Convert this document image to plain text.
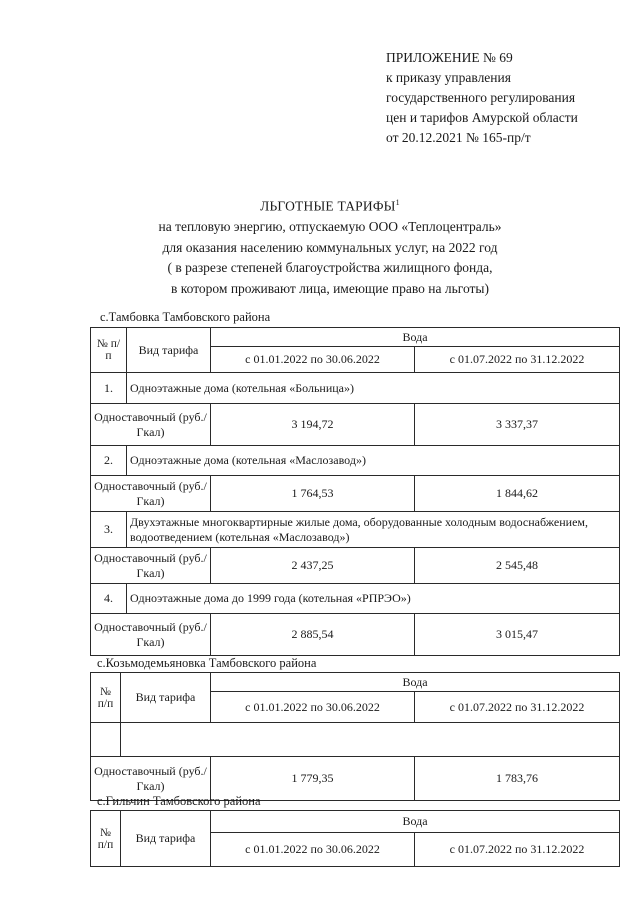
ПРИЛОЖЕНИЕ № 69
к приказу управления
государственного регулирования
цен и тарифов Амурской области
от 20.12.2021 № 165-пр/т
ЛЬГОТНЫЕ ТАРИФЫ$^1$
на тепловую энергию, отпускаемую ООО «Теплоцентраль»
для оказания населению коммунальных услуг, на 2022 год
( в разрезе степеней благоустройства жилищного фонда,
в котором проживают лица, имеющие право на льготы)
с.Тамбовка Тамбовского района
№ п/п	Вид тарифа	Вода	
		с 01.01.2022 по 30.06.2022	с 01.07.2022 по 31.12.2022
1.	Одноэтажные дома (котельная «Больница»)		
Одноставочный (руб./Гкал)		3 194,72	3 337,37
2.	Одноэтажные дома (котельная «Маслозавод»)		
Одноставочный (руб./Гкал)		1 764,53	1 844,62
3.	Двухэтажные многоквартирные жилые дома, оборудованные холодным водоснабжением, водоотведением (котельная «Маслозавод»)		
Одноставочный (руб./Гкал)		2 437,25	2 545,48
4.	Одноэтажные дома до 1999 года (котельная «РПРЭО»)		
Одноставочный (руб./Гкал)		2 885,54	3 015,47
с.Козьмодемьяновка Тамбовского района
№ п/п	Вид тарифа	Вода	
		с 01.01.2022 по 30.06.2022	с 01.07.2022 по 31.12.2022

Одноставочный (руб./Гкал)		1 779,35	1 783,76
с.Гильчин Тамбовского района
№ п/п	Вид тарифа	Вода	
		с 01.01.2022 по 30.06.2022	с 01.07.2022 по 31.12.2022
